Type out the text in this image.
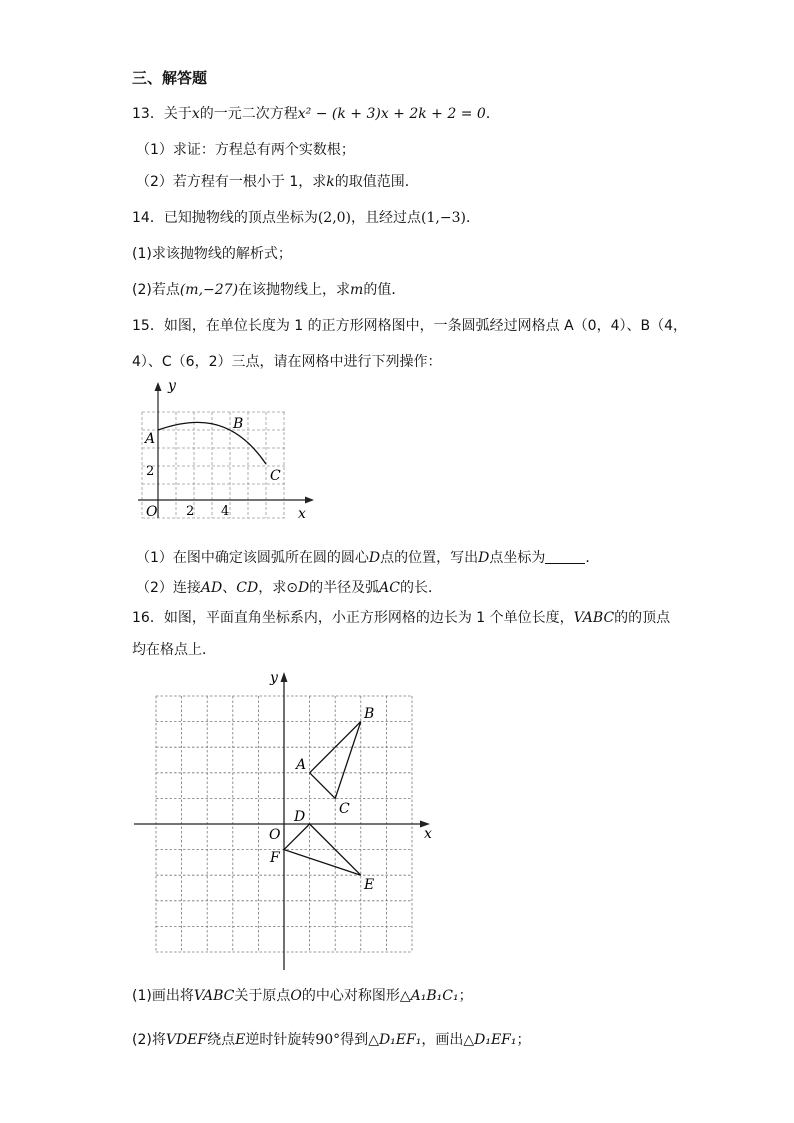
三、解答题
13．关于x的一元二次方程x² − (k + 3)x + 2k + 2 = 0．
（1）求证：方程总有两个实数根；
（2）若方程有一根小于 1，求k的取值范围．
14．已知抛物线的顶点坐标为(2,0)，且经过点(1,−3)．
(1)求该抛物线的解析式；
(2)若点(m,−27)在该抛物线上，求m的值．
15．如图，在单位长度为 1 的正方形网格图中，一条圆弧经过网格点 A（0，4）、B（4，
4）、C（6，2）三点，请在网格中进行下列操作：
y
x
O 2 4
2
A
B
C
（1）在图中确定该圆弧所在圆的圆心D点的位置，写出D点坐标为	．
（2）连接AD、CD，求⊙D的半径及弧AC的长．
16．如图，平面直角坐标系内，小正方形网格的边长为 1 个单位长度，VABC的的顶点
均在格点上．
y
x
O
A
B
C
D
E
F
(1)画出将VABC关于原点O的中心对称图形△A₁B₁C₁；
(2)将VDEF绕点E逆时针旋转90°得到△D₁EF₁，画出△D₁EF₁；
